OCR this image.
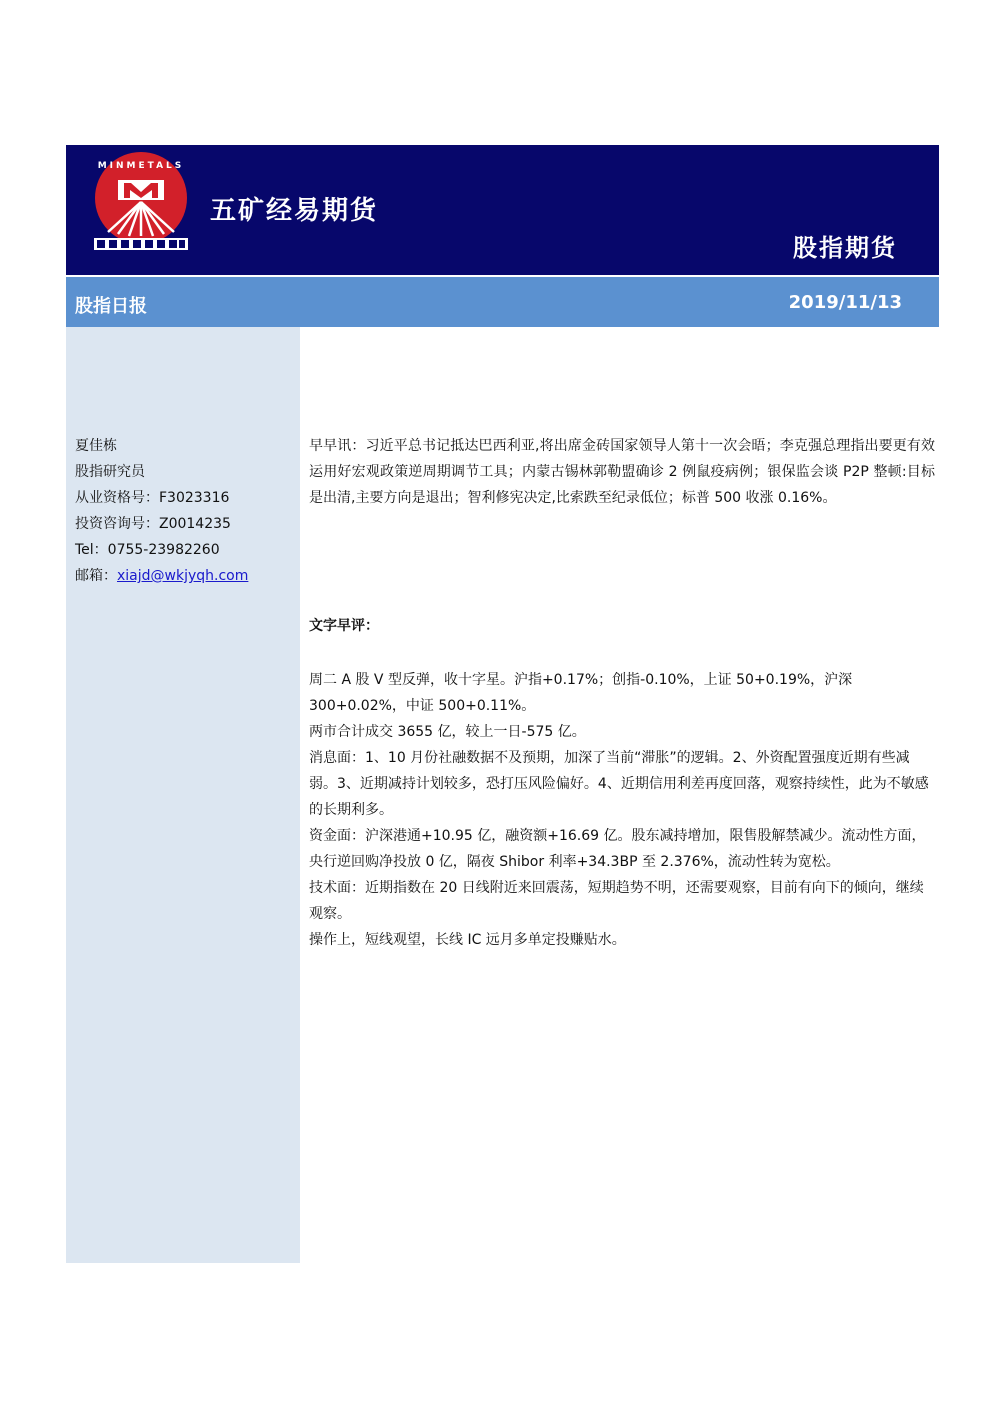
MINMETALS
五矿经易期货
股指期货
股指日报	2019/11/13
夏佳栋
股指研究员
从业资格号：F3023316
投资咨询号：Z0014235
Tel：0755-23982260
邮箱：xiajd@wkjyqh.com

早早讯：习近平总书记抵达巴西利亚,将出席金砖国家领导人第十一次会晤；李克强总理指出要更有效运用好宏观政策逆周期调节工具；内蒙古锡林郭勒盟确诊 2 例鼠疫病例；银保监会谈 P2P 整顿:目标是出清,主要方向是退出；智利修宪决定,比索跌至纪录低位；标普 500 收涨 0.16%。

文字早评：

周二 A 股 V 型反弹，收十字星。沪指+0.17%；创指-0.10%，上证 50+0.19%，沪深 300+0.02%，中证 500+0.11%。

两市合计成交 3655 亿，较上一日-575 亿。

消息面：1、10 月份社融数据不及预期，加深了当前“滞胀”的逻辑。2、外资配置强度近期有些减弱。3、近期减持计划较多，恐打压风险偏好。4、近期信用利差再度回落，观察持续性，此为不敏感的长期利多。

资金面：沪深港通+10.95 亿，融资额+16.69 亿。股东减持增加，限售股解禁减少。流动性方面，央行逆回购净投放 0 亿，隔夜 Shibor 利率+34.3BP 至 2.376%，流动性转为宽松。

技术面：近期指数在 20 日线附近来回震荡，短期趋势不明，还需要观察，目前有向下的倾向，继续观察。

操作上，短线观望，长线 IC 远月多单定投赚贴水。
